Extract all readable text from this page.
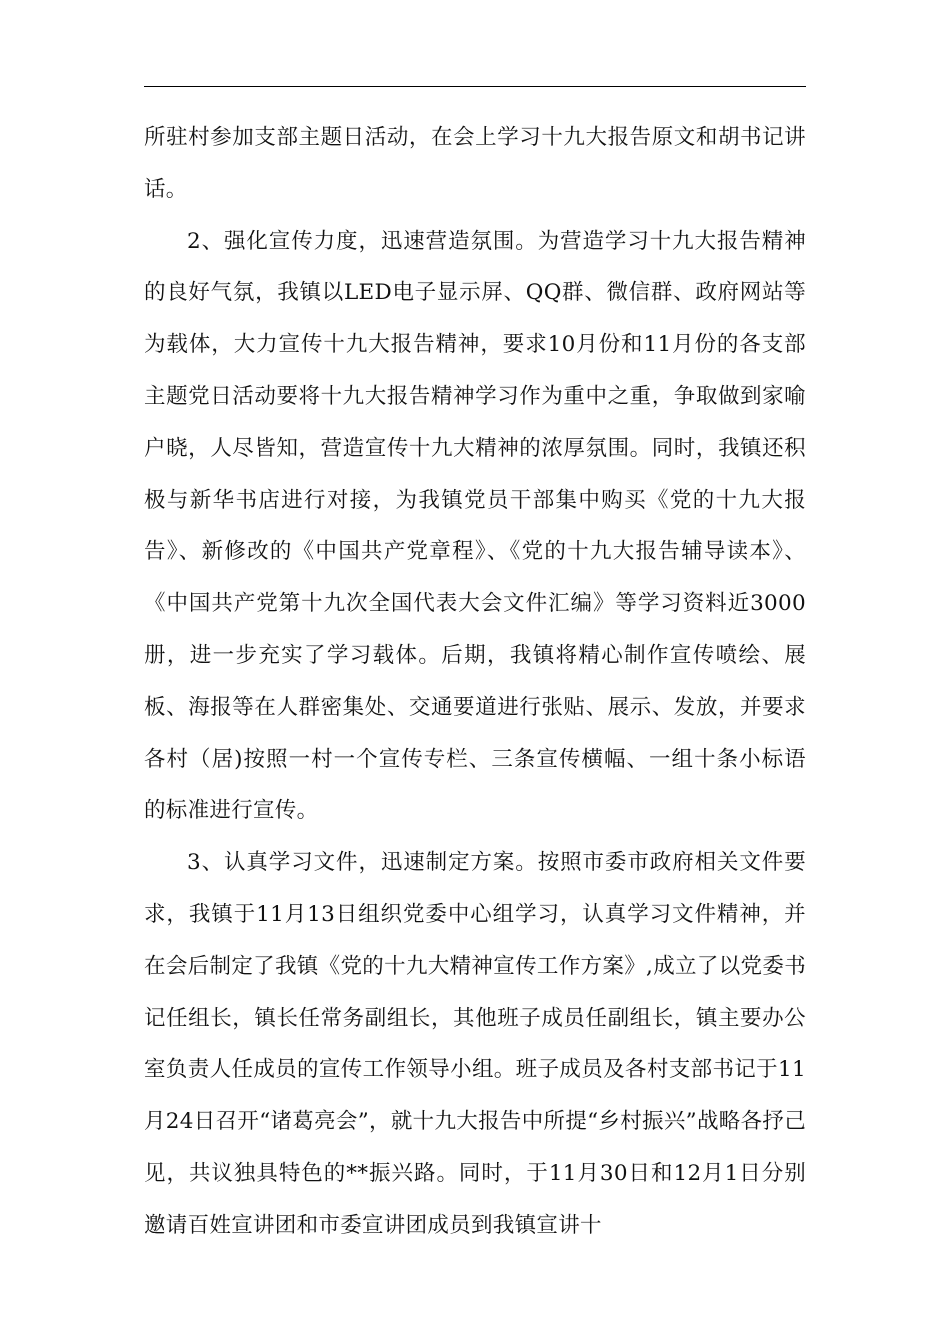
所驻村参加支部主题日活动，在会上学习十九大报告原文和胡书记讲话。

2、强化宣传力度，迅速营造氛围。为营造学习十九大报告精神的良好气氛，我镇以LED电子显示屏、QQ群、微信群、政府网站等为载体，大力宣传十九大报告精神，要求10月份和11月份的各支部主题党日活动要将十九大报告精神学习作为重中之重，争取做到家喻户晓，人尽皆知，营造宣传十九大精神的浓厚氛围。同时，我镇还积极与新华书店进行对接，为我镇党员干部集中购买《党的十九大报告》、新修改的《中国共产党章程》、《党的十九大报告辅导读本》、《中国共产党第十九次全国代表大会文件汇编》等学习资料近3000册，进一步充实了学习载体。后期，我镇将精心制作宣传喷绘、展板、海报等在人群密集处、交通要道进行张贴、展示、发放，并要求各村（居)按照一村一个宣传专栏、三条宣传横幅、一组十条小标语的标准进行宣传。

3、认真学习文件，迅速制定方案。按照市委市政府相关文件要求，我镇于11月13日组织党委中心组学习，认真学习文件精神，并在会后制定了我镇《党的十九大精神宣传工作方案》,成立了以党委书记任组长，镇长任常务副组长，其他班子成员任副组长，镇主要办公室负责人任成员的宣传工作领导小组。班子成员及各村支部书记于11月24日召开“诸葛亮会”，就十九大报告中所提“乡村振兴”战略各抒己见，共议独具特色的**振兴路。同时，于11月30日和12月1日分别邀请百姓宣讲团和市委宣讲团成员到我镇宣讲十
